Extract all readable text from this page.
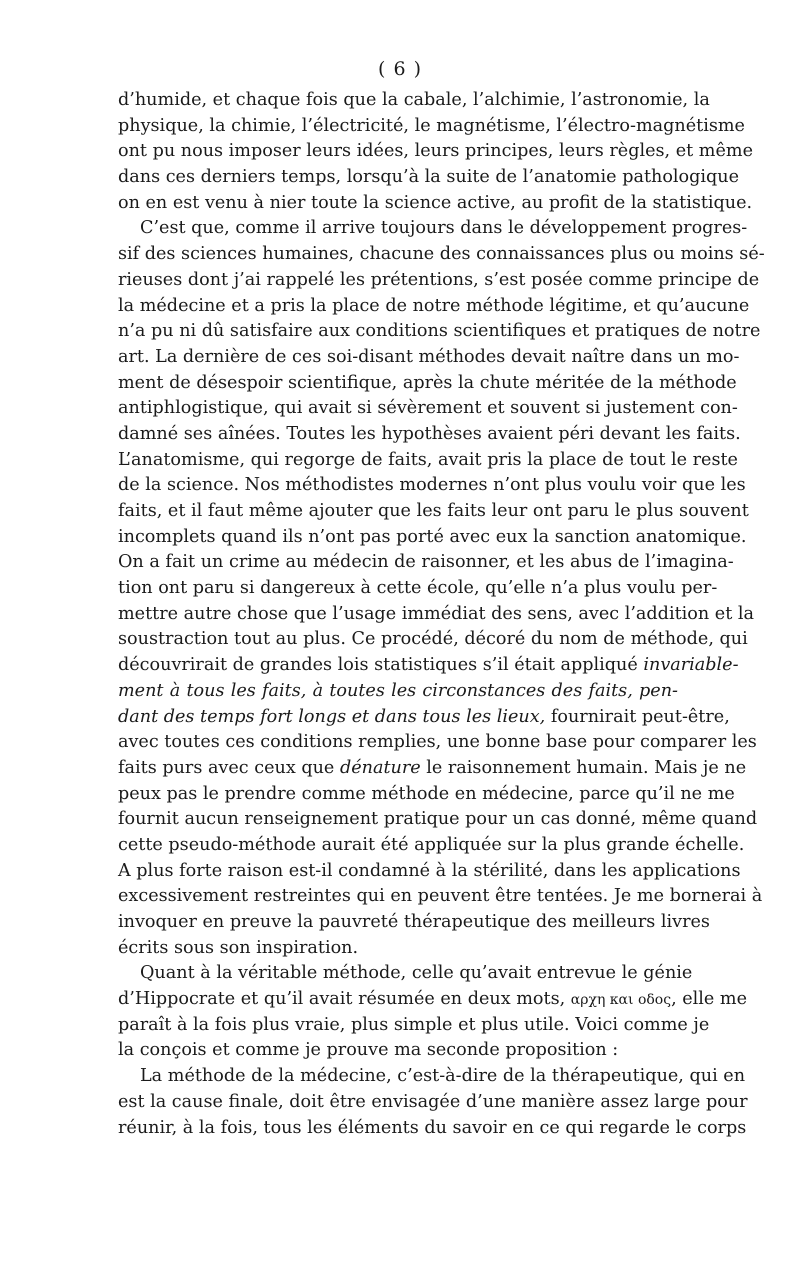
( 6 )
d’humide, et chaque fois que la cabale, l’alchimie, l’astronomie, la
physique, la chimie, l’électricité, le magnétisme, l’électro-magnétisme
ont pu nous imposer leurs idées, leurs principes, leurs règles, et même
dans ces derniers temps, lorsqu’à la suite de l’anatomie pathologique
on en est venu à nier toute la science active, au profit de la statistique.
C’est que, comme il arrive toujours dans le développement progres-
sif des sciences humaines, chacune des connaissances plus ou moins sé-
rieuses dont j’ai rappelé les prétentions, s’est posée comme principe de
la médecine et a pris la place de notre méthode légitime, et qu’aucune
n’a pu ni dû satisfaire aux conditions scientifiques et pratiques de notre
art. La dernière de ces soi-disant méthodes devait naître dans un mo-
ment de désespoir scientifique, après la chute méritée de la méthode
antiphlogistique, qui avait si sévèrement et souvent si justement con-
damné ses aînées. Toutes les hypothèses avaient péri devant les faits.
L’anatomisme, qui regorge de faits, avait pris la place de tout le reste
de la science. Nos méthodistes modernes n’ont plus voulu voir que les
faits, et il faut même ajouter que les faits leur ont paru le plus souvent
incomplets quand ils n’ont pas porté avec eux la sanction anatomique.
On a fait un crime au médecin de raisonner, et les abus de l’imagina-
tion ont paru si dangereux à cette école, qu’elle n’a plus voulu per-
mettre autre chose que l’usage immédiat des sens, avec l’addition et la
soustraction tout au plus. Ce procédé, décoré du nom de méthode, qui
découvrirait de grandes lois statistiques s’il était appliqué invariable-
ment à tous les faits, à toutes les circonstances des faits, pen-
dant des temps fort longs et dans tous les lieux, fournirait peut-être,
avec toutes ces conditions remplies, une bonne base pour comparer les
faits purs avec ceux que dénature le raisonnement humain. Mais je ne
peux pas le prendre comme méthode en médecine, parce qu’il ne me
fournit aucun renseignement pratique pour un cas donné, même quand
cette pseudo-méthode aurait été appliquée sur la plus grande échelle.
A plus forte raison est-il condamné à la stérilité, dans les applications
excessivement restreintes qui en peuvent être tentées. Je me bornerai à
invoquer en preuve la pauvreté thérapeutique des meilleurs livres
écrits sous son inspiration.
Quant à la véritable méthode, celle qu’avait entrevue le génie
d’Hippocrate et qu’il avait résumée en deux mots, αρχη και οδος, elle me
paraît à la fois plus vraie, plus simple et plus utile. Voici comme je
la conçois et comme je prouve ma seconde proposition :
La méthode de la médecine, c’est-à-dire de la thérapeutique, qui en
est la cause finale, doit être envisagée d’une manière assez large pour
réunir, à la fois, tous les éléments du savoir en ce qui regarde le corps
